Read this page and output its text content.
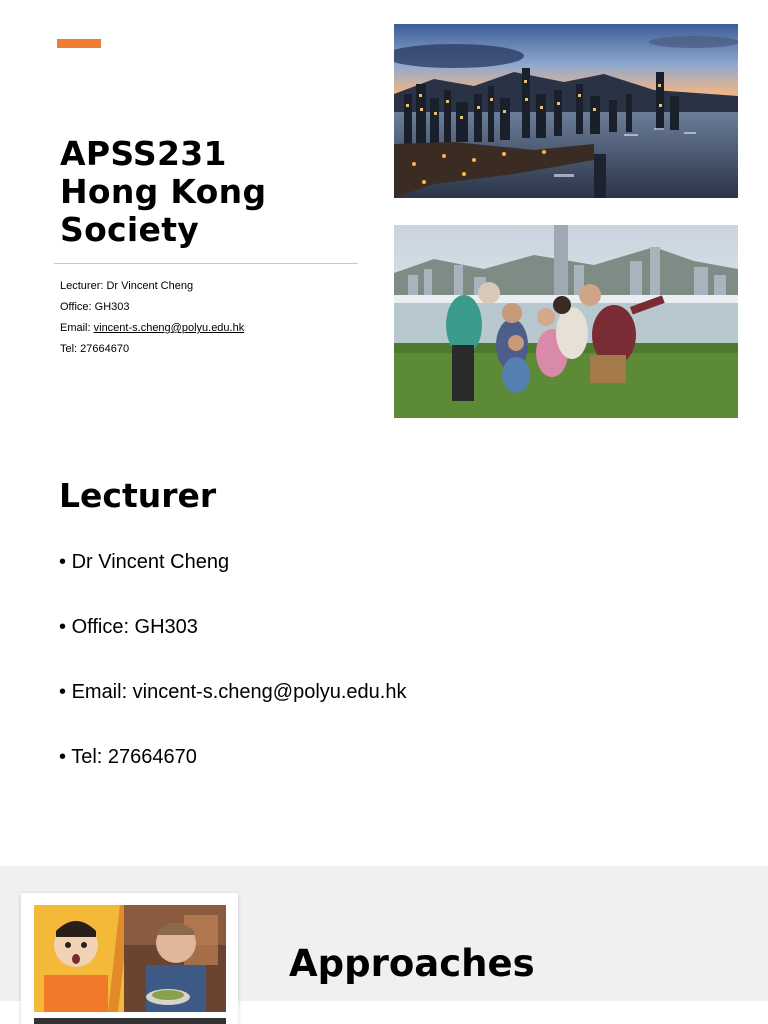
APSS231
Hong Kong
Society
Lecturer: Dr Vincent Cheng
Office: GH303
Email: vincent-s.cheng@polyu.edu.hk
Tel: 27664670
Lecturer
• Dr Vincent Cheng
• Office: GH303
• Email: vincent-s.cheng@polyu.edu.hk
• Tel: 27664670
Approaches
